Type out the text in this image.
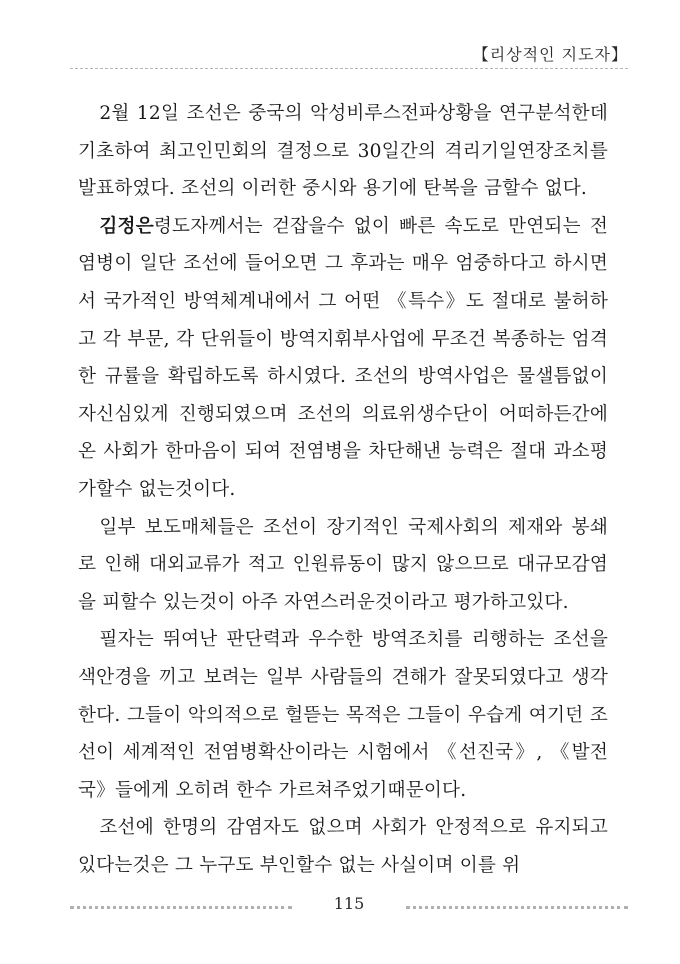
【리상적인 지도자】

2월 12일 조선은 중국의 악성비루스전파상황을 연구분석한데 기초하여 최고인민회의 결정으로 30일간의 격리기일연장조치를 발표하였다. 조선의 이러한 중시와 용기에 탄복을 금할수 없다.

김정은령도자께서는 걷잡을수 없이 빠른 속도로 만연되는 전염병이 일단 조선에 들어오면 그 후과는 매우 엄중하다고 하시면서 국가적인 방역체계내에서 그 어떤 《특수》도 절대로 불허하고 각 부문, 각 단위들이 방역지휘부사업에 무조건 복종하는 엄격한 규률을 확립하도록 하시였다. 조선의 방역사업은 물샐틈없이 자신심있게 진행되였으며 조선의 의료위생수단이 어떠하든간에 온 사회가 한마음이 되여 전염병을 차단해낸 능력은 절대 과소평가할수 없는것이다.

일부 보도매체들은 조선이 장기적인 국제사회의 제재와 봉쇄로 인해 대외교류가 적고 인원류동이 많지 않으므로 대규모감염을 피할수 있는것이 아주 자연스러운것이라고 평가하고있다.

필자는 뛰여난 판단력과 우수한 방역조치를 리행하는 조선을 색안경을 끼고 보려는 일부 사람들의 견해가 잘못되였다고 생각한다. 그들이 악의적으로 헐뜯는 목적은 그들이 우습게 여기던 조선이 세계적인 전염병확산이라는 시험에서 《선진국》, 《발전국》들에게 오히려 한수 가르쳐주었기때문이다.

조선에 한명의 감염자도 없으며 사회가 안정적으로 유지되고있다는것은 그 누구도 부인할수 없는 사실이며 이를 위

115
